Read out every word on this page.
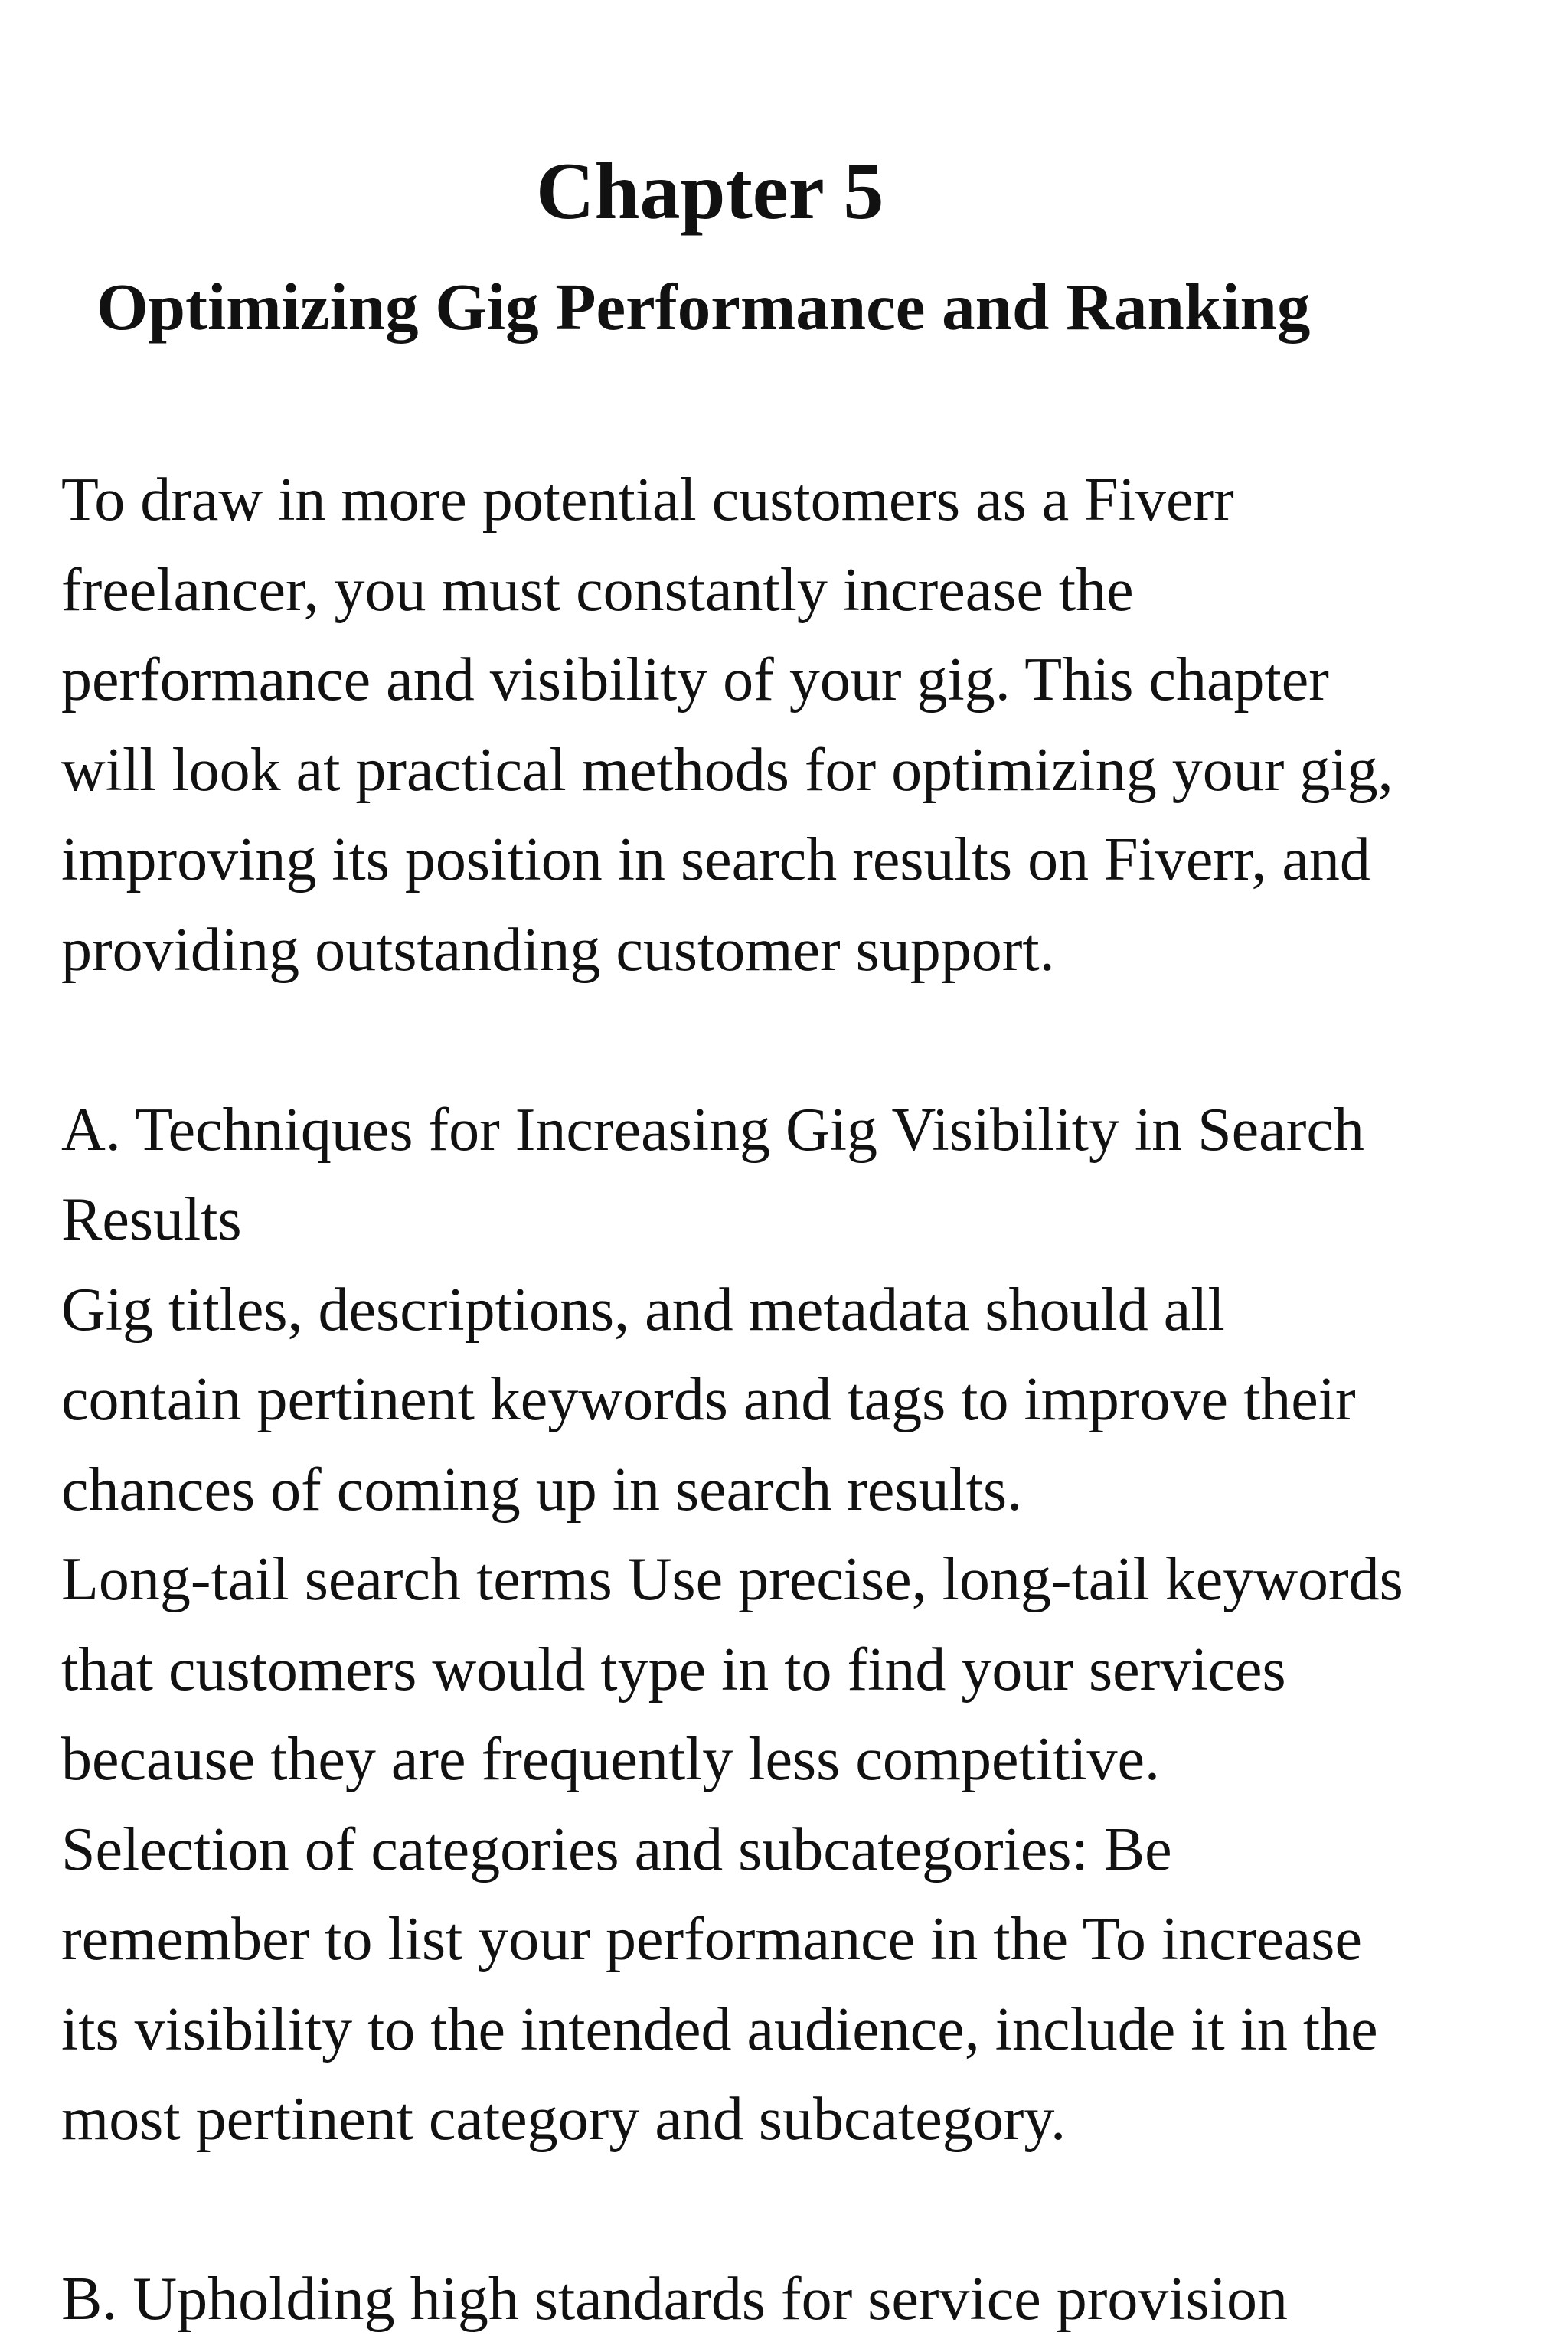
Chapter 5
Optimizing Gig Performance and Ranking
To draw in more potential customers as a Fiverr
freelancer, you must constantly increase the
performance and visibility of your gig. This chapter
will look at practical methods for optimizing your gig,
improving its position in search results on Fiverr, and
providing outstanding customer support.
A. Techniques for Increasing Gig Visibility in Search
Results
Gig titles, descriptions, and metadata should all
contain pertinent keywords and tags to improve their
chances of coming up in search results.
Long-tail search terms Use precise, long-tail keywords
that customers would type in to find your services
because they are frequently less competitive.
Selection of categories and subcategories: Be
remember to list your performance in the To increase
its visibility to the intended audience, include it in the
most pertinent category and subcategory.
B. Upholding high standards for service provision
